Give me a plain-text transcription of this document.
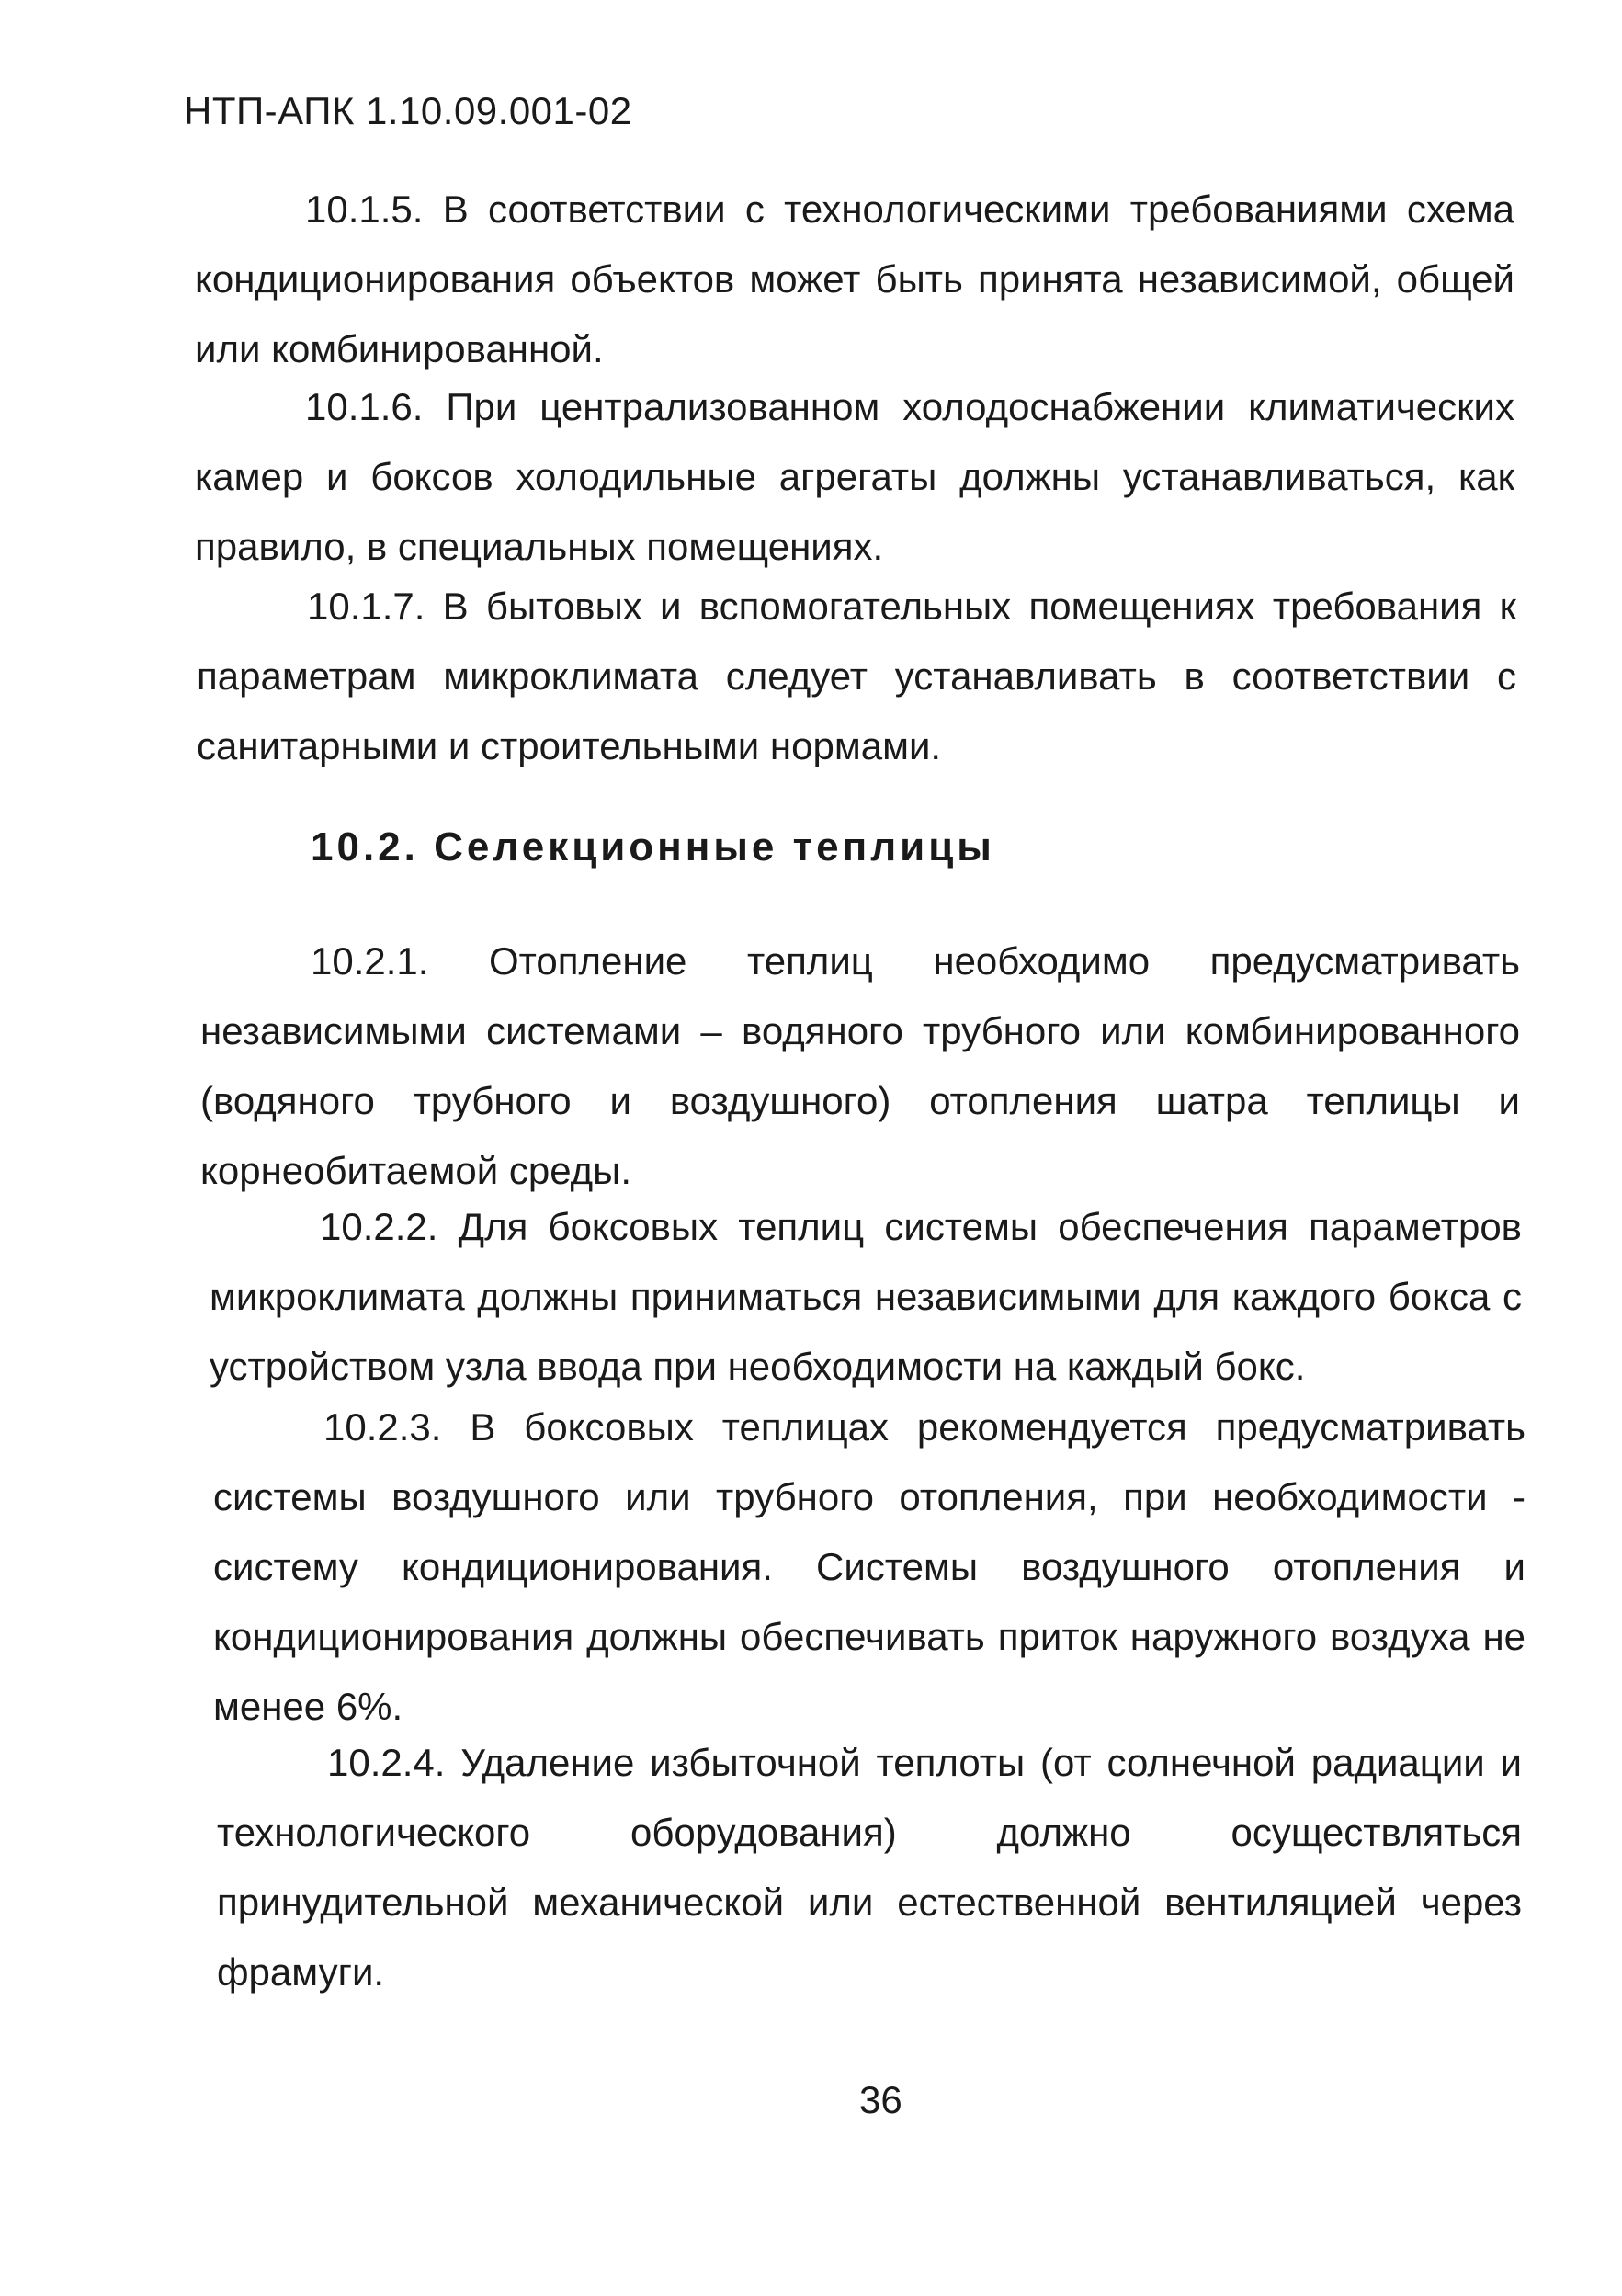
НТП-АПК 1.10.09.001-02

10.1.5. В соответствии с технологическими требованиями схема кондиционирования объектов может быть принята независимой, общей или комбинированной.

10.1.6. При централизованном холодоснабжении климатических камер и боксов холодильные агрегаты должны устанавливаться, как правило, в специальных помещениях.

10.1.7. В бытовых и вспомогательных помещениях требования к параметрам микроклимата следует устанавливать в соответствии с санитарными и строительными нормами.

10.2. Селекционные теплицы

10.2.1. Отопление теплиц необходимо предусматривать независимыми системами – водяного трубного или комбинированного (водяного трубного и воздушного) отопления шатра теплицы и корнеобитаемой среды.

10.2.2. Для боксовых теплиц системы обеспечения параметров микроклимата должны приниматься независимыми для каждого бокса с устройством узла ввода при необходимости на каждый бокс.

10.2.3. В боксовых теплицах рекомендуется предусматривать системы воздушного или трубного отопления, при необходимости - систему кондиционирования. Системы воздушного отопления и кондиционирования должны обеспечивать приток наружного воздуха не менее 6%.

10.2.4. Удаление избыточной теплоты (от солнечной радиации и технологического оборудования) должно осуществляться принудительной механической или естественной вентиляцией через фрамуги.

36
